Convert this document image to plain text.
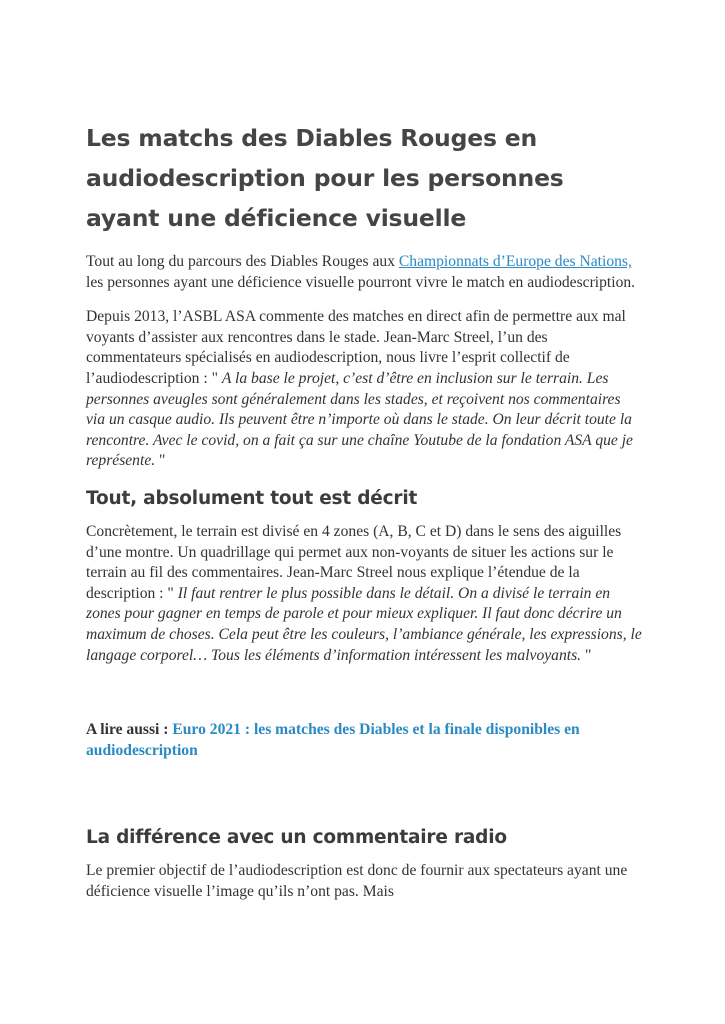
Les matchs des Diables Rouges en audiodescription pour les personnes ayant une déficience visuelle

Tout au long du parcours des Diables Rouges aux Championnats d’Europe des Nations, les personnes ayant une déficience visuelle pourront vivre le match en audiodescription.

Depuis 2013, l’ASBL ASA commente des matches en direct afin de permettre aux mal voyants d’assister aux rencontres dans le stade. Jean-Marc Streel, l’un des commentateurs spécialisés en audiodescription, nous livre l’esprit collectif de l’audiodescription : " A la base le projet, c’est d’être en inclusion sur le terrain. Les personnes aveugles sont généralement dans les stades, et reçoivent nos commentaires via un casque audio. Ils peuvent être n’importe où dans le stade. On leur décrit toute la rencontre. Avec le covid, on a fait ça sur une chaîne Youtube de la fondation ASA que je représente. "

Tout, absolument tout est décrit

Concrètement, le terrain est divisé en 4 zones (A, B, C et D) dans le sens des aiguilles d’une montre. Un quadrillage qui permet aux non-voyants de situer les actions sur le terrain au fil des commentaires. Jean-Marc Streel nous explique l’étendue de la description : " Il faut rentrer le plus possible dans le détail. On a divisé le terrain en zones pour gagner en temps de parole et pour mieux expliquer. Il faut donc décrire un maximum de choses. Cela peut être les couleurs, l’ambiance générale, les expressions, le langage corporel… Tous les éléments d’information intéressent les malvoyants. "

A lire aussi : Euro 2021 : les matches des Diables et la finale disponibles en audiodescription

La différence avec un commentaire radio

Le premier objectif de l’audiodescription est donc de fournir aux spectateurs ayant une déficience visuelle l’image qu’ils n’ont pas. Mais
